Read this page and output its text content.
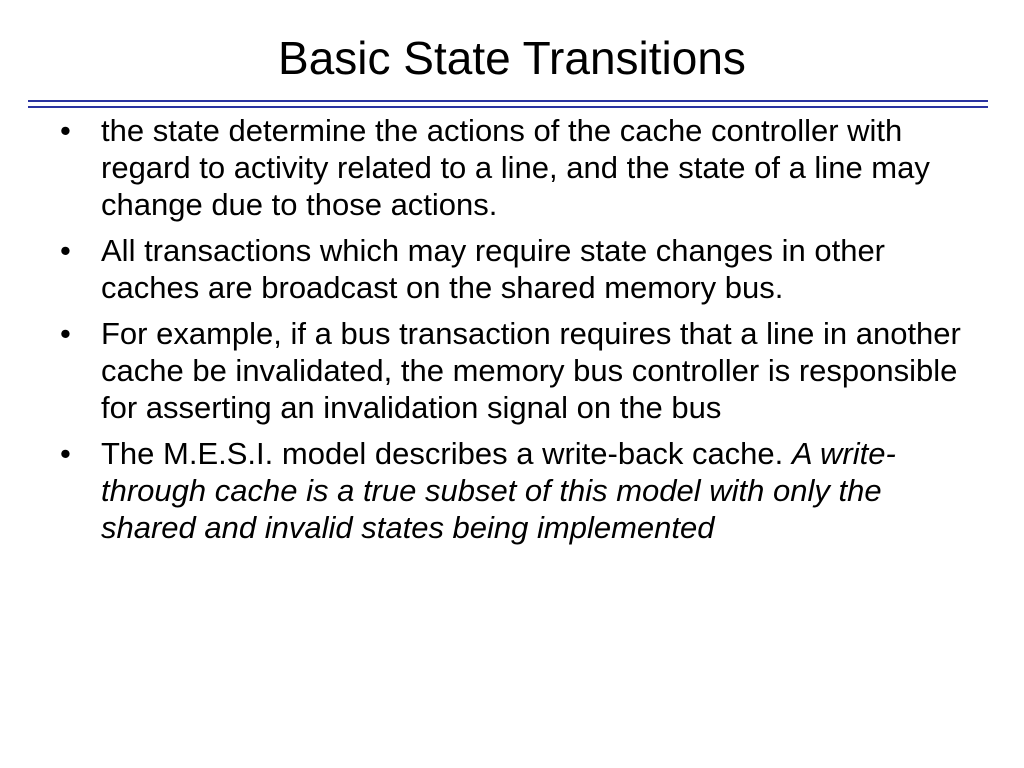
Basic State Transitions
• the state determine the actions of the cache controller with regard to activity related to a line, and the state of a line may change due to those actions.
• All transactions which may require state changes in other caches are broadcast on the shared memory bus.
• For example, if a bus transaction requires that a line in another cache be invalidated, the memory bus controller is responsible for asserting an invalidation signal on the bus
• The M.E.S.I. model describes a write-back cache. A write-through cache is a true subset of this model with only the shared and invalid states being implemented
